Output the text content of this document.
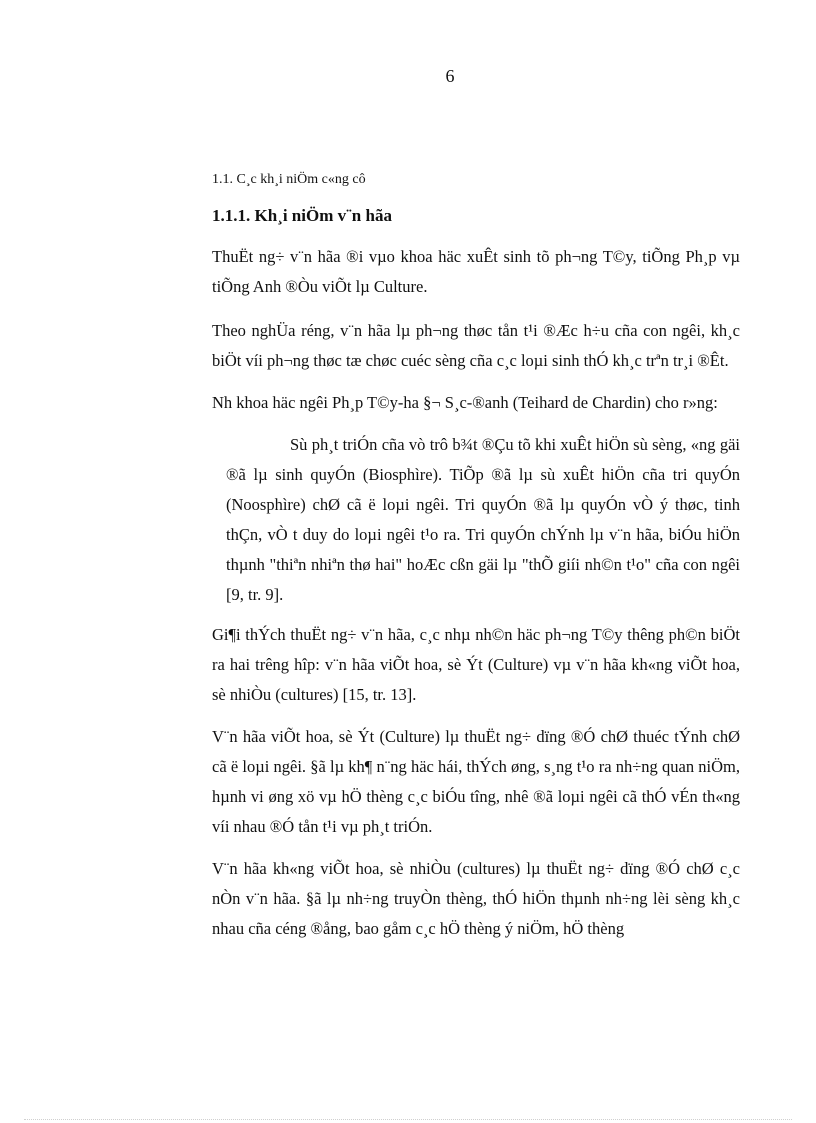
6
1.1. C¸c kh¸i niÖm c«ng cô
1.1.1. Kh¸i niÖm v¨n hãa

ThuËt ng÷ v¨n hãa ®i vµo khoa häc xuÊt sinh tõ ph¬ng T©y, tiÕng Ph¸p vµ tiÕng Anh ®Òu viÕt lµ Culture.

Theo nghÜa réng, v¨n hãa lµ ph¬ng thøc tån t¹i ®Æc h÷u cña con ngêi, kh¸c biÖt víi ph¬ng thøc tæ chøc cuéc sèng cña c¸c loµi sinh thÓ kh¸c trªn tr¸i ®Êt.

Nh khoa häc ngêi Ph¸p T©y-ha §¬ S¸c-®anh (Teihard de Chardin) cho r»ng:

Sù ph¸t triÓn cña vò trô b¾t ®Çu tõ khi xuÊt hiÖn sù sèng, «ng gäi ®ã lµ sinh quyÓn (Biosphìre). TiÕp ®ã lµ sù xuÊt hiÖn cña tri quyÓn (Noosphìre) chØ cã ë loµi ngêi. Tri quyÓn ®ã lµ quyÓn vÒ ý thøc, tinh thÇn, vÒ t duy do loµi ngêi t¹o ra. Tri quyÓn chÝnh lµ v¨n hãa, biÓu hiÖn thµnh "thiªn nhiªn thø hai" hoÆc cßn gäi lµ "thÕ giíi nh©n t¹o" cña con ngêi [9, tr. 9].

Gi¶i thÝch thuËt ng÷ v¨n hãa, c¸c nhµ nh©n häc ph¬ng T©y thêng ph©n biÖt ra hai trêng hîp: v¨n hãa viÕt hoa, sè Ýt (Culture) vµ v¨n hãa kh«ng viÕt hoa, sè nhiÒu (cultures) [15, tr. 13].

V¨n hãa viÕt hoa, sè Ýt (Culture) lµ thuËt ng÷ dïng ®Ó chØ thuéc tÝnh chØ cã ë loµi ngêi. §ã lµ kh¶ n¨ng häc hái, thÝch øng, s¸ng t¹o ra nh÷ng quan niÖm, hµnh vi øng xö vµ hÖ thèng c¸c biÓu tîng, nhê ®ã loµi ngêi cã thÓ vÉn th«ng víi nhau ®Ó tån t¹i vµ ph¸t triÓn.

V¨n hãa kh«ng viÕt hoa, sè nhiÒu (cultures) lµ thuËt ng÷ dïng ®Ó chØ c¸c nÒn v¨n hãa. §ã lµ nh÷ng truyÒn thèng, thÓ hiÖn thµnh nh÷ng lèi sèng kh¸c nhau cña céng ®ång, bao gåm c¸c hÖ thèng ý niÖm, hÖ thèng
